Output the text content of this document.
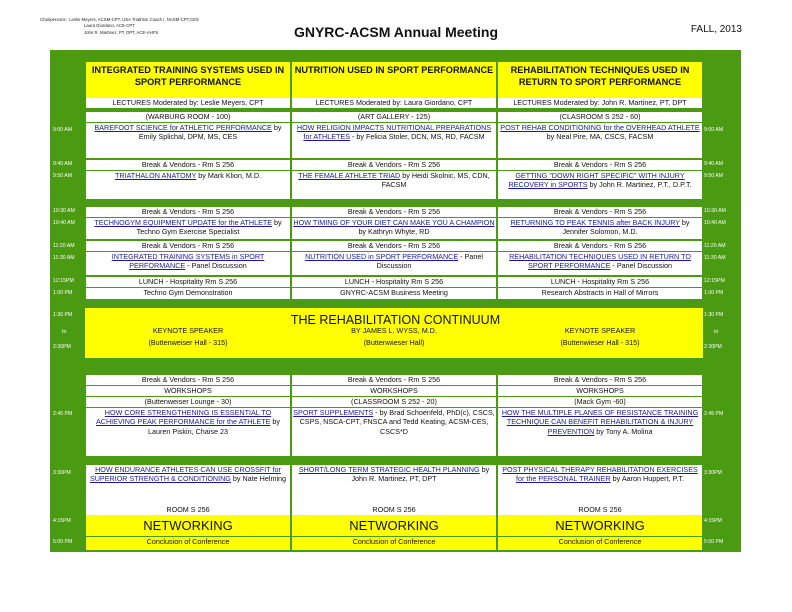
Chairpersons: Leslie Meyers, ACSM-CPT, USA Triathlon Coach I, NASM-CPT,CES
Laura Giordano, ACE-CPT
John R. Martinez, PT, DPT, ACE-AHFS	GNYRC-ACSM Annual Meeting	FALL, 2013
Conclusion of Conference
NETWORKING
ROOM S 256
POST PHYSICAL THERAPY REHABILITATION EXERCISES for the PERSONAL TRAINER by Aaron Huppert, P.T.
HOW THE MULTIPLE PLANES OF RESISTANCE TRAINING TECHNIQUE CAN BENEFIT REHABILITATION & INJURY PREVENTION by Tony A. Molina
(Mack Gym -60)
WORKSHOPS
Break & Vendors - Rm S 256
Research Abstracts in Hall of Mirrors
LUNCH - Hospitality Rm S 256
REHABILITATION TECHNIQUES USED IN RETURN TO SPORT PERFORMANCE - Panel Discussion
Break & Vendors - Rm S 256
RETURNING TO PEAK TENNIS after BACK INJURY by Jennifer Solomon, M.D.
Break & Vendors - Rm S 256
GETTING "DOWN RIGHT SPECIFIC" WITH INJURY RECOVERY in SPORTS by John R. Martinez, P.T., D.P.T.
Break & Vendors - Rm S 256
POST REHAB CONDITIONING for the OVERHEAD ATHLETE by Neal Pire, MA, CSCS, FACSM
(CLASROOM S 252 - 60)
LECTURES Moderated by: John R. Martinez, PT, DPT
REHABILITATION TECHNIQUES USED IN RETURN TO SPORT PERFORMANCE
Conclusion of Conference
NETWORKING
ROOM S 256
SHORT/LONG TERM STRATEGIC HEALTH PLANNING by John R. Martinez, PT, DPT
SPORT SUPPLEMENTS - by Brad Schoenfeld, PhD(c), CSCS, CSPS, NSCA-CPT, FNSCA and Tedd Keating, ACSM-CES, CSCS*D
(CLASSROOM S 252 - 20)
WORKSHOPS
Break & Vendors - Rm S 256
GNYRC-ACSM Business Meeting
LUNCH - Hospitality Rm S 256
NUTRITION USED in SPORT PERFORMANCE - Panel Discussion
Break & Vendors - Rm S 256
HOW TIMING OF YOUR DIET CAN MAKE YOU A CHAMPION by Kathryn Whyte, RD
Break & Vendors - Rm S 256
THE FEMALE ATHLETE TRIAD by Heidi Skolnic, MS, CDN, FACSM
Break & Vendors - Rm S 256
HOW RELIGION IMPACTS NUTRITIONAL PREPARATIONS for ATHLETES - by Felicia Stoler, DCN, MS, RD, FACSM
(ART GALLERY - 125)
LECTURES Moderated by: Laura Giordano, CPT
NUTRITION USED IN SPORT PERFORMANCE
Conclusion of Conference
NETWORKING
ROOM S 256
HOW ENDURANCE ATHLETES CAN USE CROSSFIT for SUPERIOR STRENGTH & CONDITIONING by Nate Helming
HOW CORE STRENGTHENING IS ESSENTIAL TO ACHIEVING PEAK PERFORMANCE for the ATHLETE by Lauren Piskin, Chaise 23
(Buttenweiser Lounge - 30)
WORKSHOPS
Break & Vendors - Rm S 256
Techno Gym Demonstration
LUNCH - Hospitality Rm S 256
INTEGRATED TRAINING SYSTEMS in SPORT PERFORMANCE - Panel Discussion
Break & Vendors - Rm S 256
TECHNOGYM EQUIPMENT UPDATE for the ATHLETE by Techno Gym Exercise Specialist
Break & Vendors - Rm S 256
TRIATHALON ANATOMY by Mark Klion, M.D.
Break & Vendors - Rm S 256
BAREFOOT SCIENCE for ATHLETIC PERFORMANCE by Emily Splichal, DPM, MS, CES
(WARBURG ROOM - 100)
LECTURES Moderated by: Leslie Meyers, CPT
INTEGRATED TRAINING SYSTEMS USED IN SPORT PERFORMANCE
9:00 AM
9:40 AM
9:50 AM
10:30 AM
10:40 AM
11:20 AM
11:30 AM
12:15PM
1:00 PM
1:30 PM
to
2:30PM
2:45 PM
3:30PM
4:15PM
5:00 PM
9:00 AM
9:40 AM
9:50 AM
10:30 AM
10:40 AM
11:20 AM
11:30 AM
12:15PM
1:00 PM
1:30 PM
to
2:30PM
2:45 PM
3:30PM
4:15PM
5:00 PM
THE REHABILITATION CONTINUUM
KEYNOTE SPEAKER
(Buttenweiser Hall - 315)
BY JAMES L. WYSS, M.D.
(Buttenwieser Hall)
KEYNOTE SPEAKER
(Buttenwieser Hall - 315)
